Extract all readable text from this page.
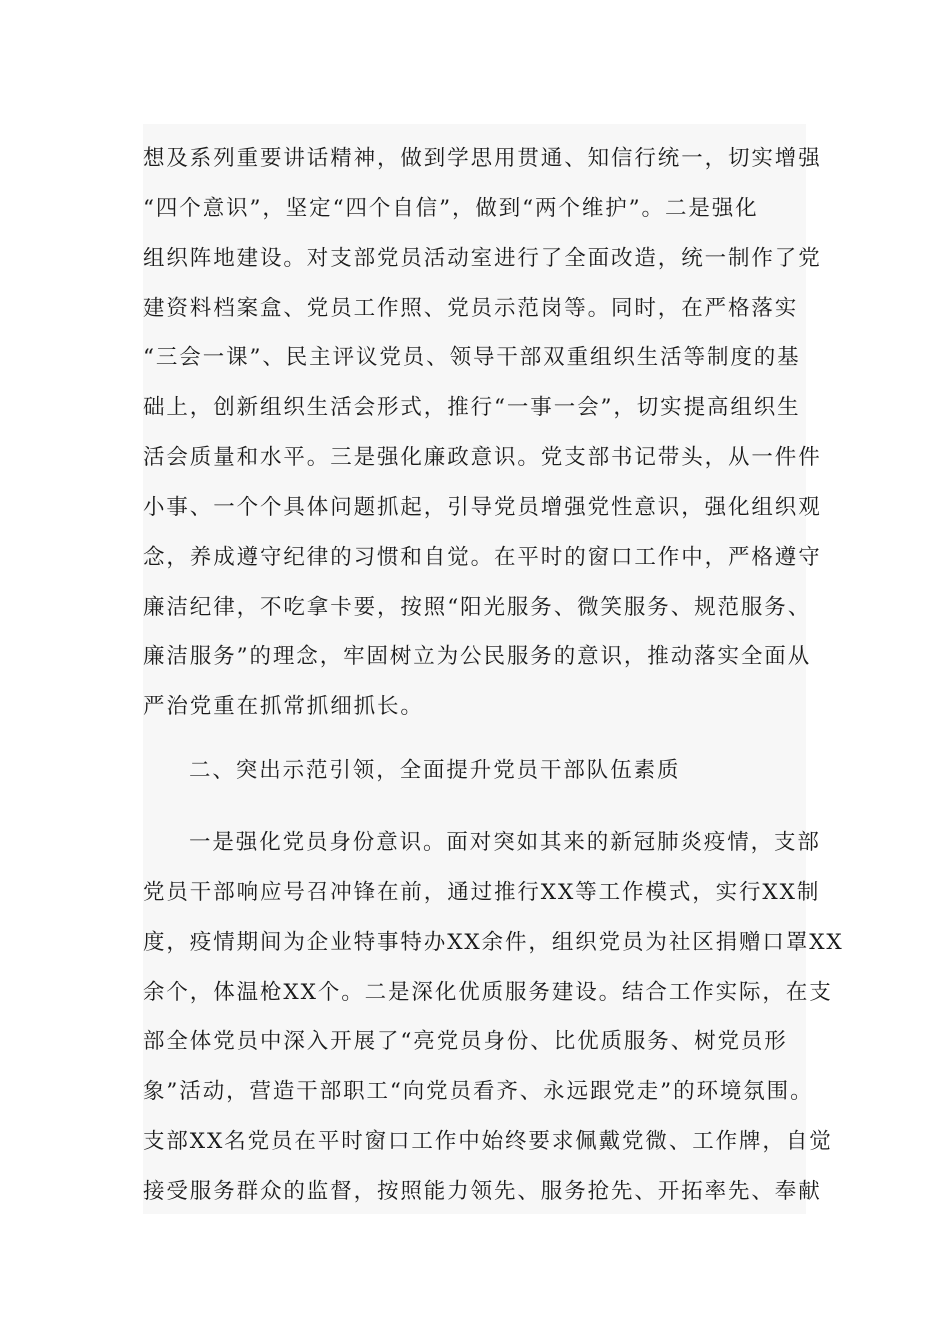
想及系列重要讲话精神，做到学思用贯通、知信行统一，切实增强
“四个意识”，坚定“四个自信”，做到“两个维护”。二是强化
组织阵地建设。对支部党员活动室进行了全面改造，统一制作了党
建资料档案盒、党员工作照、党员示范岗等。同时，在严格落实
“三会一课”、民主评议党员、领导干部双重组织生活等制度的基
础上，创新组织生活会形式，推行“一事一会”，切实提高组织生
活会质量和水平。三是强化廉政意识。党支部书记带头，从一件件
小事、一个个具体问题抓起，引导党员增强党性意识，强化组织观
念，养成遵守纪律的习惯和自觉。在平时的窗口工作中，严格遵守
廉洁纪律，不吃拿卡要，按照“阳光服务、微笑服务、规范服务、
廉洁服务”的理念，牢固树立为公民服务的意识，推动落实全面从
严治党重在抓常抓细抓长。
二、突出示范引领，全面提升党员干部队伍素质
一是强化党员身份意识。面对突如其来的新冠肺炎疫情，支部
党员干部响应号召冲锋在前，通过推行XX等工作模式，实行XX制
度，疫情期间为企业特事特办XX余件，组织党员为社区捐赠口罩XX
余个，体温枪XX个。二是深化优质服务建设。结合工作实际，在支
部全体党员中深入开展了“亮党员身份、比优质服务、树党员形
象”活动，营造干部职工“向党员看齐、永远跟党走”的环境氛围。
支部XX名党员在平时窗口工作中始终要求佩戴党微、工作牌，自觉
接受服务群众的监督，按照能力领先、服务抢先、开拓率先、奉献
